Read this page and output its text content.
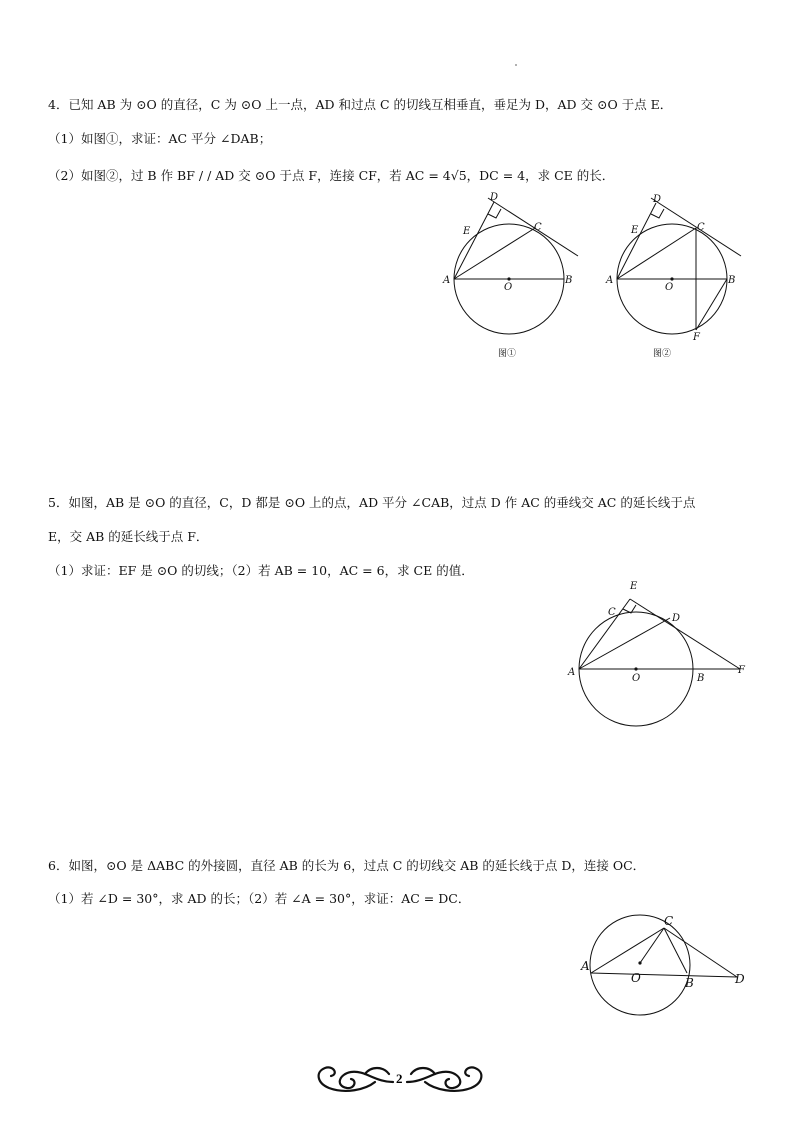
4．已知 AB 为 ⊙O 的直径，C 为 ⊙O 上一点，AD 和过点 C 的切线互相垂直，垂足为 D，AD 交 ⊙O 于点 E．
（1）如图①，求证：AC 平分 ∠DAB；
（2）如图②，过 B 作 BF / / AD 交 ⊙O 于点 F，连接 CF，若 AC = 4√5，DC = 4，求 CE 的长．
D
E	C
A	B
O
图①
D
E	C
A	B
O
F
图②
5．如图，AB 是 ⊙O 的直径，C，D 都是 ⊙O 上的点，AD 平分 ∠CAB，过点 D 作 AC 的垂线交 AC 的延长线于点
E，交 AB 的延长线于点 F．
（1）求证：EF 是 ⊙O 的切线；（2）若 AB = 10，AC = 6，求 CE 的值．
E
C
D
A
O	B
F
6．如图，⊙O 是 ΔABC 的外接圆，直径 AB 的长为 6，过点 C 的切线交 AB 的延长线于点 D，连接 OC．
（1）若 ∠D = 30°，求 AD 的长；（2）若 ∠A = 30°，求证：AC = DC．
C
A
O	B	D
2
